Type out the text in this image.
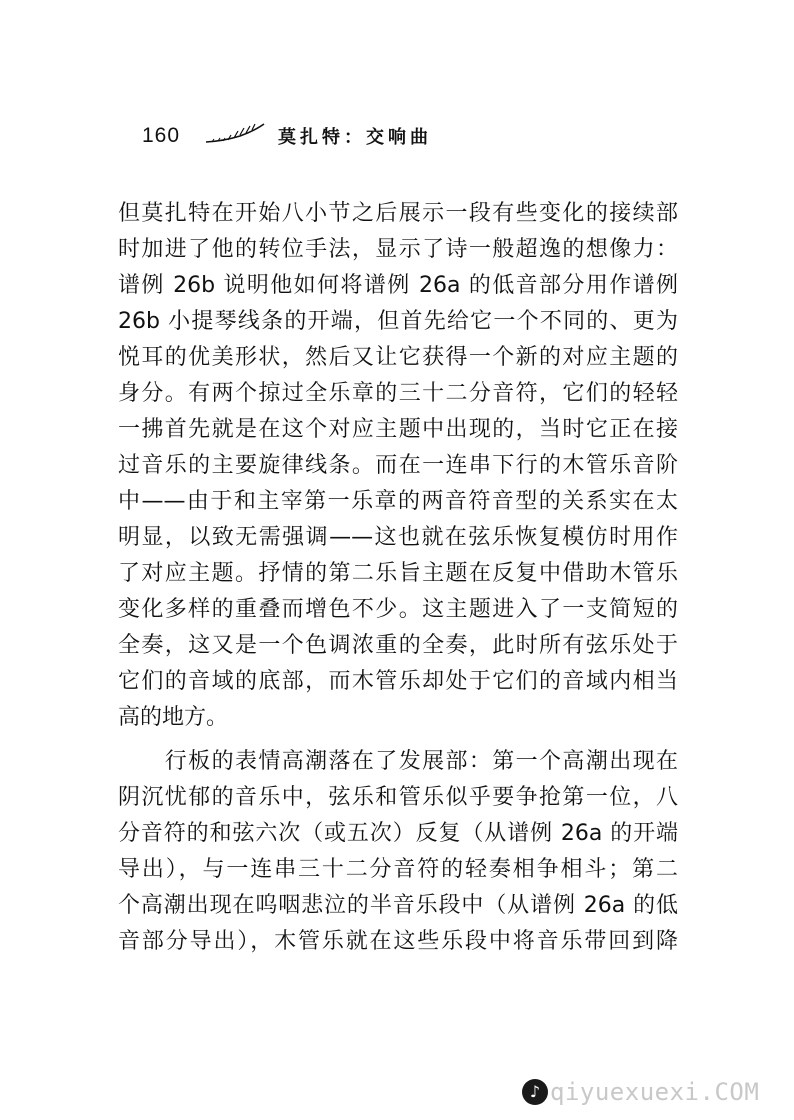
160	莫扎特：交响曲
但莫扎特在开始八小节之后展示一段有些变化的接续部
时加进了他的转位手法，显示了诗一般超逸的想像力：
谱例 26b 说明他如何将谱例 26a 的低音部分用作谱例
26b 小提琴线条的开端，但首先给它一个不同的、更为
悦耳的优美形状，然后又让它获得一个新的对应主题的
身分。有两个掠过全乐章的三十二分音符，它们的轻轻
一拂首先就是在这个对应主题中出现的，当时它正在接
过音乐的主要旋律线条。而在一连串下行的木管乐音阶
中——由于和主宰第一乐章的两音符音型的关系实在太
明显，以致无需强调——这也就在弦乐恢复模仿时用作
了对应主题。抒情的第二乐旨主题在反复中借助木管乐
变化多样的重叠而增色不少。这主题进入了一支简短的
全奏，这又是一个色调浓重的全奏，此时所有弦乐处于
它们的音域的底部，而木管乐却处于它们的音域内相当
高的地方。
　　行板的表情高潮落在了发展部：第一个高潮出现在
阴沉忧郁的音乐中，弦乐和管乐似乎要争抢第一位，八
分音符的和弦六次（或五次）反复（从谱例 26a 的开端
导出），与一连串三十二分音符的轻奏相争相斗；第二
个高潮出现在呜咽悲泣的半音乐段中（从谱例 26a 的低
音部分导出），木管乐就在这些乐段中将音乐带回到降
♪ qiyuexuexi.COM
